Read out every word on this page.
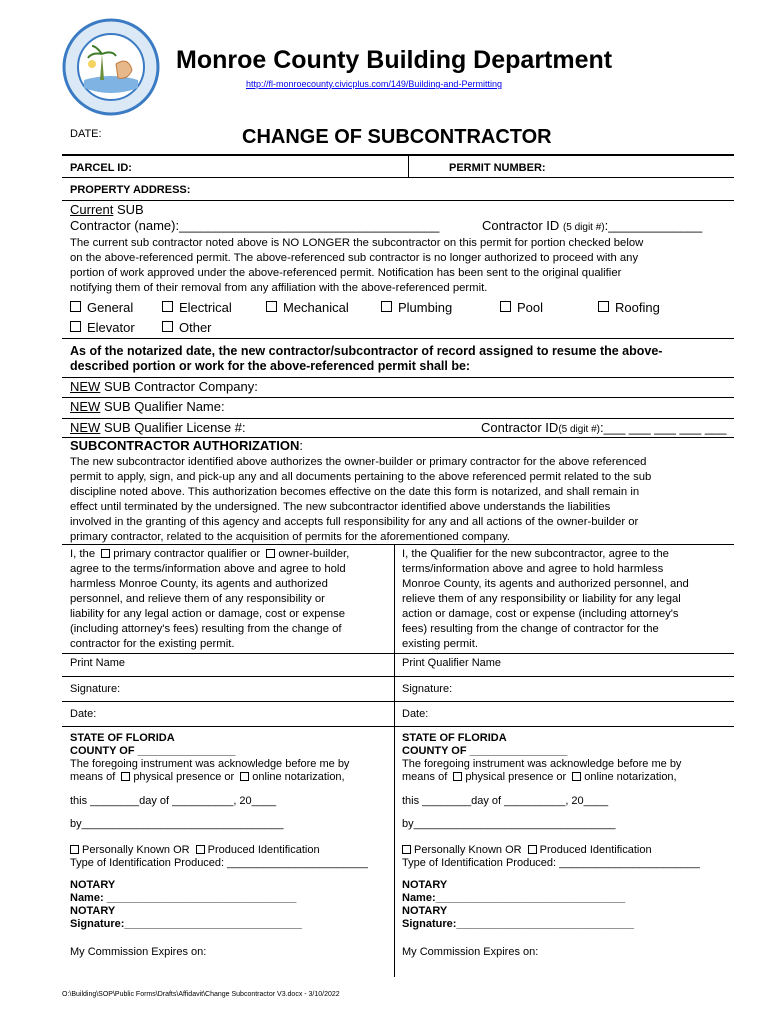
Monroe County Building Department
http://fl-monroecounty.civicplus.com/149/Building-and-Permitting
DATE:	CHANGE OF SUBCONTRACTOR
PARCEL ID:	PERMIT NUMBER:
PROPERTY ADDRESS:
Current SUB
Contractor (name):____________________________________	Contractor ID (5 digit #):_____________
The current sub contractor noted above is NO LONGER the subcontractor on this permit for portion checked below
on the above-referenced permit. The above-referenced sub contractor is no longer authorized to proceed with any
portion of work approved under the above-referenced permit. Notification has been sent to the original qualifier
notifying them of their removal from any affiliation with the above-referenced permit.
General	Electrical	Mechanical	Plumbing	Pool	Roofing
Elevator	Other
As of the notarized date, the new contractor/subcontractor of record assigned to resume the above-
described portion or work for the above-referenced permit shall be:
NEW SUB Contractor Company:
NEW SUB Qualifier Name:
NEW SUB Qualifier License #:	Contractor ID(5 digit #):___ ___ ___ ___ ___
SUBCONTRACTOR AUTHORIZATION:
The new subcontractor identified above authorizes the owner-builder or primary contractor for the above referenced
permit to apply, sign, and pick-up any and all documents pertaining to the above referenced permit related to the sub
discipline noted above. This authorization becomes effective on the date this form is notarized, and shall remain in
effect until terminated by the undersigned. The new subcontractor identified above understands the liabilities
involved in the granting of this agency and accepts full responsibility for any and all actions of the owner-builder or
primary contractor, related to the acquisition of permits for the aforementioned company.
I, the primary contractor qualifier or owner-builder,
agree to the terms/information above and agree to hold
harmless Monroe County, its agents and authorized
personnel, and relieve them of any responsibility or
liability for any legal action or damage, cost or expense
(including attorney's fees) resulting from the change of
contractor for the existing permit.
I, the Qualifier for the new subcontractor, agree to the
terms/information above and agree to hold harmless
Monroe County, its agents and authorized personnel, and
relieve them of any responsibility or liability for any legal
action or damage, cost or expense (including attorney's
fees) resulting from the change of contractor for the
existing permit.
Print Name	Print Qualifier Name
Signature:	Signature:
Date:	Date:
STATE OF FLORIDA
COUNTY OF ________________
The foregoing instrument was acknowledge before me by
means of physical presence or online notarization,
this ________day of __________, 20____
by_________________________________
Personally Known OR Produced Identification
Type of Identification Produced: _______________________
NOTARY
Name: _______________________________
NOTARY
Signature:_____________________________
My Commission Expires on:
STATE OF FLORIDA
COUNTY OF ________________
The foregoing instrument was acknowledge before me by
means of physical presence or online notarization,
this ________day of __________, 20____
by_________________________________
Personally Known OR Produced Identification
Type of Identification Produced: _______________________
NOTARY
Name:_______________________________
NOTARY
Signature:_____________________________
My Commission Expires on:
O:\Building\SOP\Public Forms\Drafts\Affidavit\Change Subcontractor V3.docx - 3/10/2022
